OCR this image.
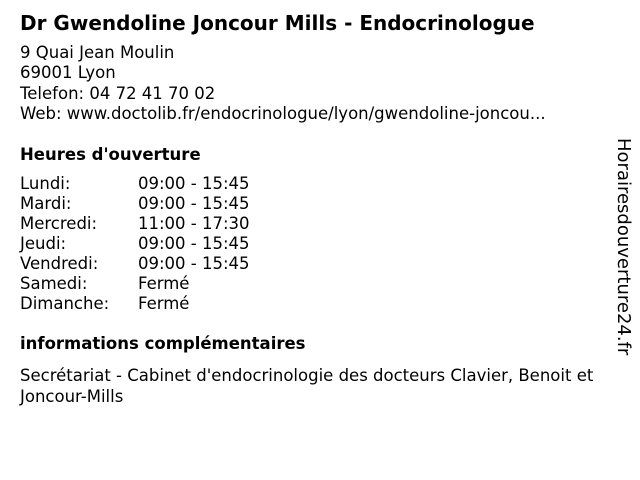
Dr Gwendoline Joncour Mills - Endocrinologue
9 Quai Jean Moulin
69001 Lyon
Telefon: 04 72 41 70 02
Web: www.doctolib.fr/endocrinologue/lyon/gwendoline-joncou...
Heures d'ouverture
Lundi:	09:00 - 15:45
Mardi:	09:00 - 15:45
Mercredi:	11:00 - 17:30
Jeudi:	09:00 - 15:45
Vendredi:	09:00 - 15:45
Samedi:	Fermé
Dimanche:	Fermé
informations complémentaires
Secrétariat - Cabinet d'endocrinologie des docteurs Clavier, Benoit et Joncour-Mills
Horairesdouverture24.fr
